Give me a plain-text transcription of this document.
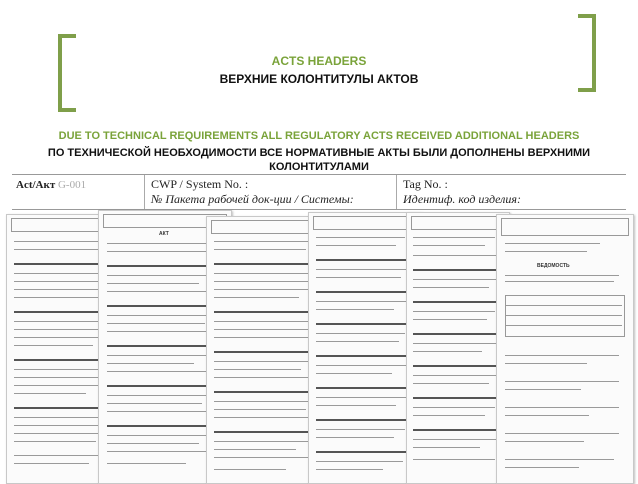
ACTS HEADERS
ВЕРХНИЕ КОЛОНТИТУЛЫ АКТОВ
DUE TO TECHNICAL REQUIREMENTS ALL REGULATORY ACTS RECEIVED ADDITIONAL HEADERS
ПО ТЕХНИЧЕСКОЙ НЕОБХОДИМОСТИ ВСЕ НОРМАТИВНЫЕ АКТЫ БЫЛИ ДОПОЛНЕНЫ ВЕРХНИМИ КОЛОНТИТУЛАМИ
Act/Акт G-001	CWP / System No. :
№ Пакета рабочей док-ции / Системы:
Tag No. :
Идентиф. код изделия:
АКТ
ВЕДОМОСТЬ
